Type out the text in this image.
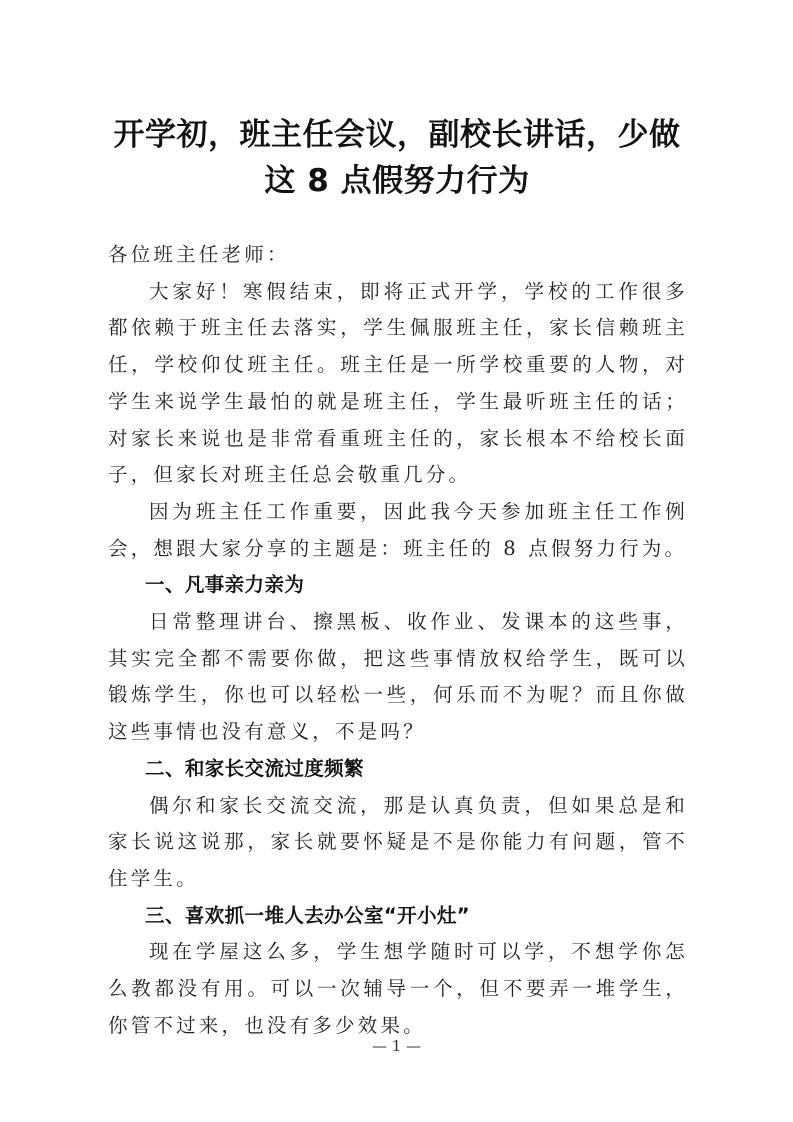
开学初，班主任会议，副校长讲话，少做这 8 点假努力行为

各位班主任老师：

大家好！寒假结束，即将正式开学，学校的工作很多都依赖于班主任去落实，学生佩服班主任，家长信赖班主任，学校仰仗班主任。班主任是一所学校重要的人物，对学生来说学生最怕的就是班主任，学生最听班主任的话；对家长来说也是非常看重班主任的，家长根本不给校长面子，但家长对班主任总会敬重几分。

因为班主任工作重要，因此我今天参加班主任工作例会，想跟大家分享的主题是：班主任的 8 点假努力行为。

一、凡事亲力亲为

日常整理讲台、擦黑板、收作业、发课本的这些事，其实完全都不需要你做，把这些事情放权给学生，既可以锻炼学生，你也可以轻松一些，何乐而不为呢？而且你做这些事情也没有意义，不是吗？

二、和家长交流过度频繁

偶尔和家长交流交流，那是认真负责，但如果总是和家长说这说那，家长就要怀疑是不是你能力有问题，管不住学生。

三、喜欢抓一堆人去办公室“开小灶”

现在学屋这么多，学生想学随时可以学，不想学你怎么教都没有用。可以一次辅导一个，但不要弄一堆学生，你管不过来，也没有多少效果。

— 1 —
